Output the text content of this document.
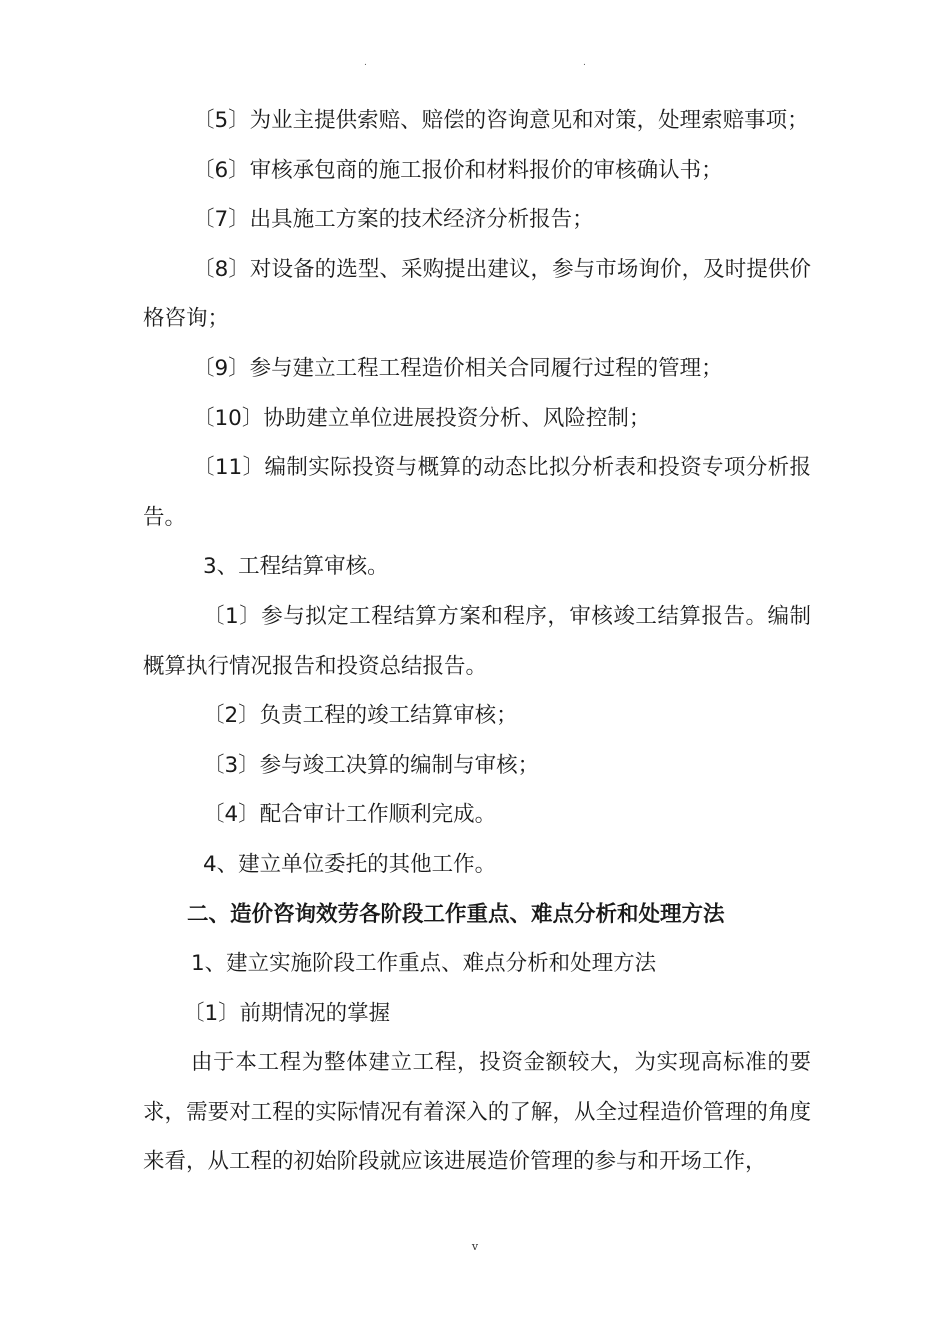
.	.

〔5〕为业主提供索赔、赔偿的咨询意见和对策，处理索赔事项；

〔6〕审核承包商的施工报价和材料报价的审核确认书；

〔7〕出具施工方案的技术经济分析报告；

〔8〕对设备的选型、采购提出建议，参与市场询价，及时提供价格咨询；

〔9〕参与建立工程工程造价相关合同履行过程的管理；

〔10〕协助建立单位进展投资分析、风险控制；

〔11〕编制实际投资与概算的动态比拟分析表和投资专项分析报告。

3、工程结算审核。

〔1〕参与拟定工程结算方案和程序，审核竣工结算报告。编制概算执行情况报告和投资总结报告。

〔2〕负责工程的竣工结算审核；

〔3〕参与竣工决算的编制与审核；

〔4〕配合审计工作顺利完成。

4、建立单位委托的其他工作。

二、造价咨询效劳各阶段工作重点、难点分析和处理方法

1、建立实施阶段工作重点、难点分析和处理方法

〔1〕前期情况的掌握

由于本工程为整体建立工程，投资金额较大，为实现高标准的要求，需要对工程的实际情况有着深入的了解，从全过程造价管理的角度来看，从工程的初始阶段就应该进展造价管理的参与和开场工作，

v
